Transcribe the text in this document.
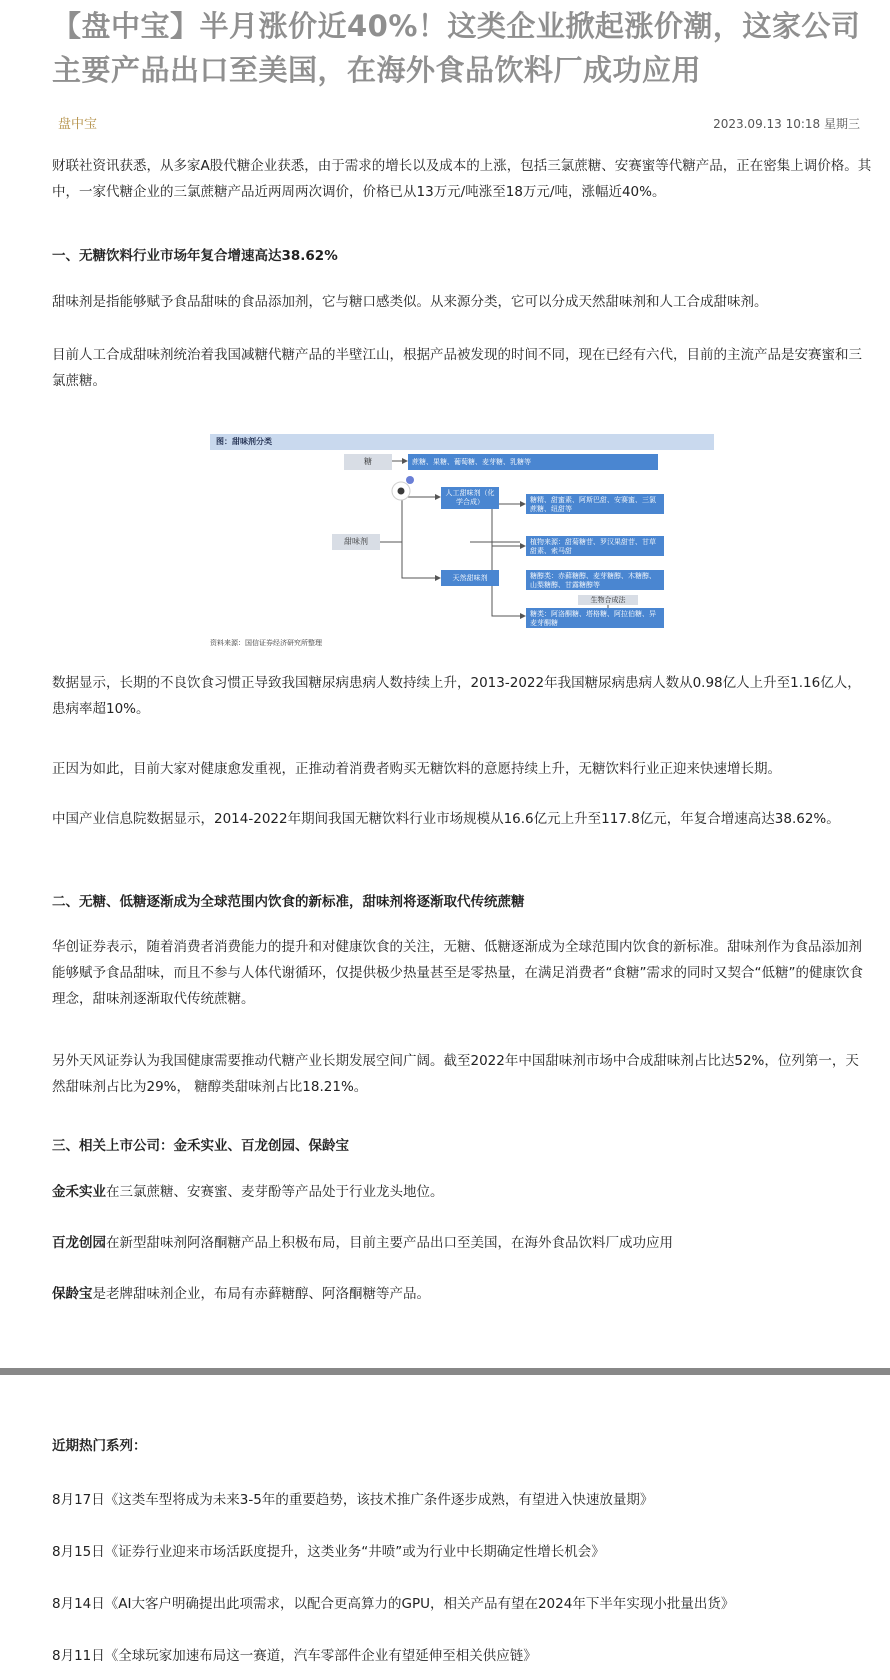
【盘中宝】半月涨价近40%！这类企业掀起涨价潮，这家公司主要产品出口至美国，在海外食品饮料厂成功应用
盘中宝	2023.09.13 10:18 星期三

财联社资讯获悉，从多家A股代糖企业获悉，由于需求的增长以及成本的上涨，包括三氯蔗糖、安赛蜜等代糖产品，正在密集上调价格。其中，一家代糖企业的三氯蔗糖产品近两周两次调价，价格已从13万元/吨涨至18万元/吨，涨幅近40%。

一、无糖饮料行业市场年复合增速高达38.62%

甜味剂是指能够赋予食品甜味的食品添加剂，它与糖口感类似。从来源分类，它可以分成天然甜味剂和人工合成甜味剂。

目前人工合成甜味剂统治着我国减糖代糖产品的半壁江山，根据产品被发现的时间不同，现在已经有六代，目前的主流产品是安赛蜜和三氯蔗糖。

图：甜味剂分类
糖	蔗糖、果糖、葡萄糖、麦芽糖、乳糖等
甜味剂
人工甜味剂（化学合成）	糖精、甜蜜素、阿斯巴甜、安赛蜜、三氯蔗糖、纽甜等
天然甜味剂
植物来源：甜菊糖苷、罗汉果甜苷、甘草甜素、索马甜
糖醇类：赤藓糖醇、麦芽糖醇、木糖醇、山梨糖醇、甘露糖醇等
生物合成法
糖类：阿洛酮糖、塔格糖、阿拉伯糖、异麦芽酮糖
资料来源：国信证券经济研究所整理

数据显示，长期的不良饮食习惯正导致我国糖尿病患病人数持续上升，2013-2022年我国糖尿病患病人数从0.98亿人上升至1.16亿人，患病率超10%。

正因为如此，目前大家对健康愈发重视，正推动着消费者购买无糖饮料的意愿持续上升，无糖饮料行业正迎来快速增长期。

中国产业信息院数据显示，2014-2022年期间我国无糖饮料行业市场规模从16.6亿元上升至117.8亿元，年复合增速高达38.62%。

二、无糖、低糖逐渐成为全球范围内饮食的新标准，甜味剂将逐渐取代传统蔗糖

华创证券表示，随着消费者消费能力的提升和对健康饮食的关注，无糖、低糖逐渐成为全球范围内饮食的新标准。甜味剂作为食品添加剂能够赋予食品甜味，而且不参与人体代谢循环，仅提供极少热量甚至是零热量，在满足消费者“食糖”需求的同时又契合“低糖”的健康饮食理念，甜味剂逐渐取代传统蔗糖。

另外天风证券认为我国健康需要推动代糖产业长期发展空间广阔。截至2022年中国甜味剂市场中合成甜味剂占比达52%，位列第一，天然甜味剂占比为29%， 糖醇类甜味剂占比18.21%。

三、相关上市公司：金禾实业、百龙创园、保龄宝

金禾实业在三氯蔗糖、安赛蜜、麦芽酚等产品处于行业龙头地位。

百龙创园在新型甜味剂阿洛酮糖产品上积极布局，目前主要产品出口至美国，在海外食品饮料厂成功应用

保龄宝是老牌甜味剂企业，布局有赤藓糖醇、阿洛酮糖等产品。

近期热门系列：
8月17日《这类车型将成为未来3-5年的重要趋势，该技术推广条件逐步成熟，有望进入快速放量期》
8月15日《证券行业迎来市场活跃度提升，这类业务“井喷”或为行业中长期确定性增长机会》
8月14日《AI大客户明确提出此项需求，以配合更高算力的GPU，相关产品有望在2024年下半年实现小批量出货》
8月11日《全球玩家加速布局这一赛道，汽车零部件企业有望延伸至相关供应链》
